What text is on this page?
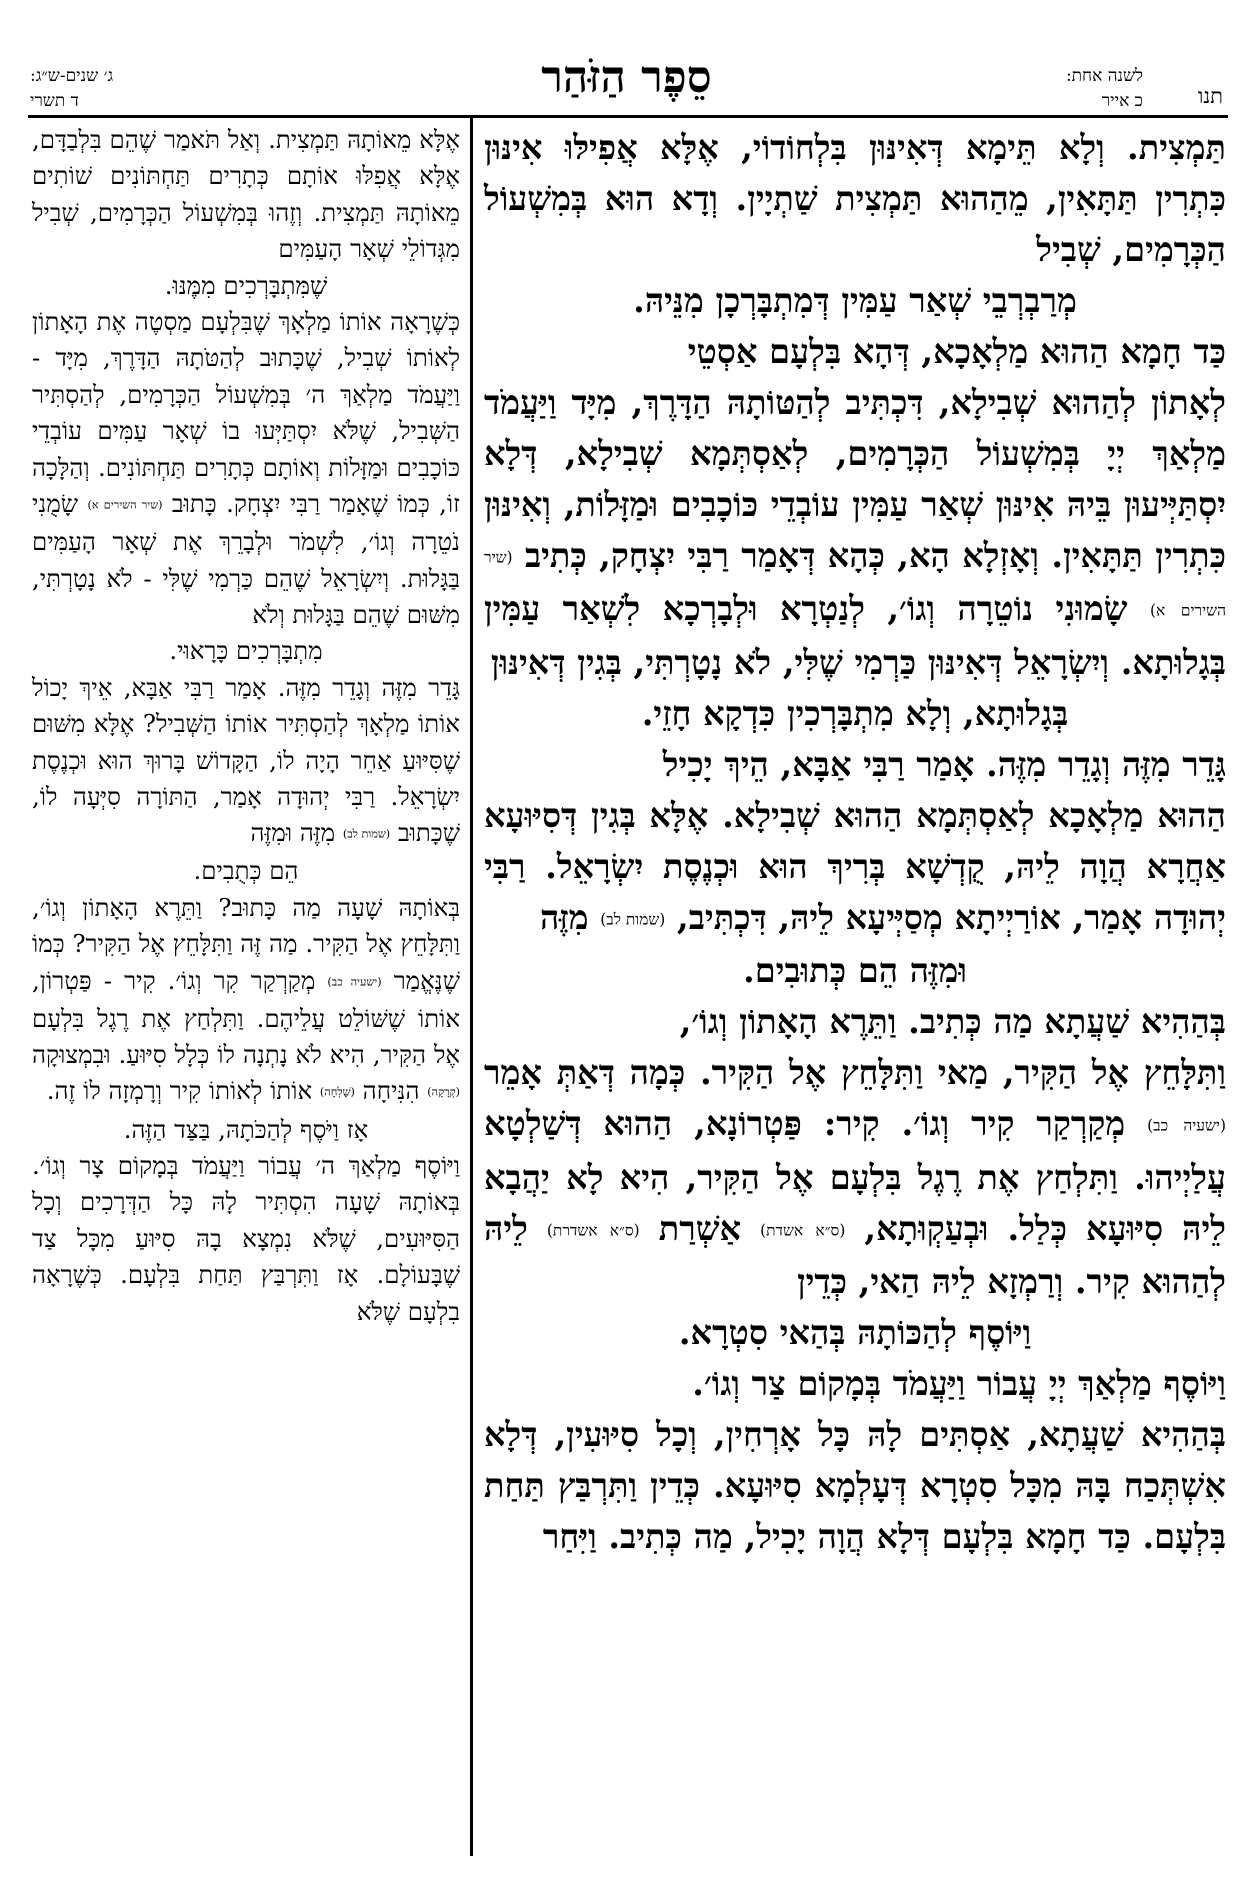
תנו
לשנה אחת:
כ אייר
סֵפֶר הַזֹּהַר
ג׳ שנים-ש״ג:
ד תשרי

תַּמְצִית. וְלָא תֵּימָא דְּאִינּוּן בִּלְחוֹדוֹי, אֶלָּא אֲפִילּוּ אִינּוּן כִּתְרִין תַּתָּאִין, מֵהַהוּא תַּמְצִית שַׁתְיָין. וְדָא הוּא בְּמִשְׁעוֹל הַכְּרָמִים, שְׁבִיל

מְרַבְרְבֵי שְׁאַר עַמִּין דְּמִתְבָּרְכָן מִנֵּיהּ.

כַּד חָמָא הַהוּא מַלְאָכָא, דְּהָא בִּלְעָם אַסְטֵי

לְאָתוֹן לְהַהוּא שְׁבִילָא, דִּכְתִּיב לְהַטּוֹתָהּ הַדָּרֶךְ, מִיָּד וַיַּעֲמֹד מַלְאַךְ יְיָ בְּמִשְׁעוֹל הַכְּרָמִים, לְאַסְתְּמָא שְׁבִילָא, דְּלָא יִסְתַּיְּיעוּן בֵּיהּ אִינּוּן שְׁאַר עַמִּין עוֹבְדֵי כּוֹכָבִים וּמַזָּלוֹת, וְאִינּוּן כִּתְרִין תַּתָּאִין. וְאָזְלָא הָא, כְּהָא דְּאָמַר רַבִּי יִצְחָק, כְּתִיב (שיר השירים א) שָׂמוּנִי נוֹטֵרָה וְגוֹ׳, לְנַטְרָא וּלְבָרְכָא לִשְׁאַר עַמִּין בְּגָלוּתָא. וְיִשְׂרָאֵל דְּאִינּוּן כַּרְמִי שֶׁלִּי, לֹא נָטָרְתִּי, בְּגִין דְּאִינּוּן

בְּגָלוּתָא, וְלָא מִתְבָּרְכִין כִּדְקָא חָזֵי.

גָּדֵר מִזֶּה וְגָדֵר מִזֶּה. אָמַר רַבִּי אַבָּא, הֵיךְ יָכִיל

הַהוּא מַלְאָכָא לְאַסְתְּמָא הַהוּא שְׁבִילָא. אֶלָּא בְּגִין דְּסִיּוּעָא אַחֲרָא הֲוָה לֵיהּ, קֻדְשָׁא בְּרִיךְ הוּא וּכְנֶסֶת יִשְׂרָאֵל. רַבִּי יְהוּדָה אָמַר, אוֹרַיְיתָא מְסַיְּיעָא לֵיהּ, דִּכְתִּיב, (שמות לב) מִזֶּה

וּמִזֶּה הֵם כְּתוּבִים.

בְּהַהִיא שַׁעֲתָא מַה כְּתִיב. וַתֵּרֶא הָאָתוֹן וְגוֹ׳,

וַתִּלָּחֵץ אֶל הַקִּיר, מַאי וַתִּלָּחֵץ אֶל הַקִּיר. כְּמָה דְּאַתְּ אָמֵר (ישעיה כב) מְקַרְקַר קִיר וְגוֹ׳. קִיר: פַּטְרוֹנָא, הַהוּא דְּשַׁלְטָא עֲלַיְיהוּ. וַתִּלְחַץ אֶת רֶגֶל בִּלְעָם אֶל הַקִּיר, הִיא לָא יַהֲבָא לֵיהּ סִיּוּעָא כְּלַל. וּבְעַקְוּתָא, (ס״א אשדת) אַשְׁרַת (ס״א אשדרת) לֵיהּ לְהַהוּא קִיר. וְרַמְזָא לֵיהּ הַאי, כְּדֵין

וַיּוֹסֶף לְהַכּוֹתָהּ בְּהַאי סִטְרָא.

וַיּוֹסֶף מַלְאַךְ יְיָ עֲבוֹר וַיַּעֲמֹד בְּמָקוֹם צַר וְגוֹ׳.

בְּהַהִיא שַׁעֲתָא, אַסְתִּים לָהּ כָּל אָרְחִין, וְכָל סִיּוּעִין, דְּלָא אִשְׁתְּכַח בָּהּ מִכָּל סִטְרָא דְּעָלְמָא סִיּוּעָא. כְּדֵין וַתִּרְבַּץ תַּחַת בִּלְעָם. כַּד חָמָא בִּלְעָם דְּלָא הֲוָה יָכִיל, מַה כְּתִיב. וַיִּחַר

אֶלָּא מֵאוֹתָהּ תַּמְצִית. וְאַל תֹּאמַר שֶׁהֵם בִּלְבַדָּם, אֶלָּא אֲפִלּוּ אוֹתָם כְּתָרִים תַּחְתּוֹנִים שׁוֹתִים מֵאוֹתָהּ תַּמְצִית. וְזֶהוּ בְּמִשְׁעוֹל הַכְּרָמִים, שְׁבִיל מִגְּדוֹלֵי שְׁאָר הָעַמִּים

שֶׁמִּתְבָּרְכִים מִמֶּנּוּ.

כְּשֶׁרָאָה אוֹתוֹ מַלְאָךְ שֶׁבִּלְעָם מַסְטֶה אֶת הָאָתוֹן לְאוֹתוֹ שְׁבִיל, שֶׁכָּתוּב לְהַטֹּתָהּ הַדָּרֶךְ, מִיָּד - וַיַּעֲמֹד מַלְאַךְ ה׳ בְּמִשְׁעוֹל הַכְּרָמִים, לְהַסְתִּיר הַשְּׁבִיל, שֶׁלֹּא יִסְתַּיְּעוּ בוֹ שְׁאָר עַמִּים עוֹבְדֵי כּוֹכָבִים וּמַזָּלוֹת וְאוֹתָם כְּתָרִים תַּחְתּוֹנִים. וְהַלָּכָה זוֹ, כְּמוֹ שֶׁאָמַר רַבִּי יִצְחָק. כָּתוּב (שיר השירים א) שָׂמֻנִי נֹטֵרָה וְגוֹ׳, לִשְׁמֹר וּלְבָרֵךְ אֶת שְׁאָר הָעַמִּים בַּגָּלוּת. וְיִשְׂרָאֵל שֶׁהֵם כַּרְמִי שֶׁלִּי - לֹא נָטָרְתִּי, מִשּׁוּם שֶׁהֵם בַּגָּלוּת וְלֹא

מִתְבָּרְכִים כָּרָאוּי.

גָּדֵר מִזֶּה וְגָדֵר מִזֶּה. אָמַר רַבִּי אַבָּא, אֵיךְ יָכוֹל אוֹתוֹ מַלְאָךְ לְהַסְתִּיר אוֹתוֹ הַשְּׁבִיל? אֶלָּא מִשּׁוּם שֶׁסִּיּוּעַ אַחֵר הָיָה לוֹ, הַקָּדוֹשׁ בָּרוּךְ הוּא וּכְנֶסֶת יִשְׂרָאֵל. רַבִּי יְהוּדָה אָמַר, הַתּוֹרָה סִיְּעָה לוֹ, שֶׁכָּתוּב (שמות לב) מִזֶּה וּמִזֶּה

הֵם כְּתֻבִים.

בְּאוֹתָהּ שָׁעָה מַה כָּתוּב? וַתֵּרֶא הָאָתוֹן וְגוֹ׳, וַתִּלָּחֵץ אֶל הַקִּיר. מַה זֶּה וַתִּלָּחֵץ אֶל הַקִּיר? כְּמוֹ שֶׁנֶּאֱמַר (ישעיה כב) מְקַרְקַר קִר וְגוֹ׳. קִיר - פַּטְרוֹן, אוֹתוֹ שֶׁשּׁוֹלֵט עֲלֵיהֶם. וַתִּלְחַץ אֶת רֶגֶל בִּלְעָם אֶל הַקִּיר, הִיא לֹא נָתְנָה לוֹ כְּלָל סִיּוּעַ. וּבִמְצוּקָה (קְרָקָה) הִנִּיחָה (שָׁלְחָה) אוֹתוֹ לְאוֹתוֹ קִיר וְרָמְזָה לוֹ זֶה.

אָז וַיֹּסֶף לְהַכֹּתָהּ, בַּצַּד הַזֶּה.

וַיּוֹסֶף מַלְאַךְ ה׳ עֲבוֹר וַיַּעֲמֹד בְּמָקוֹם צָר וְגוֹ׳. בְּאוֹתָהּ שָׁעָה הִסְתִּיר לָהּ כָּל הַדְּרָכִים וְכָל הַסִּיּוּעִים, שֶׁלֹּא נִמְצָא בָהּ סִיּוּעַ מִכָּל צַד שֶׁבָּעוֹלָם. אָז וַתִּרְבַּץ תַּחַת בִּלְעָם. כְּשֶׁרָאָה בִלְעָם שֶׁלֹּא
